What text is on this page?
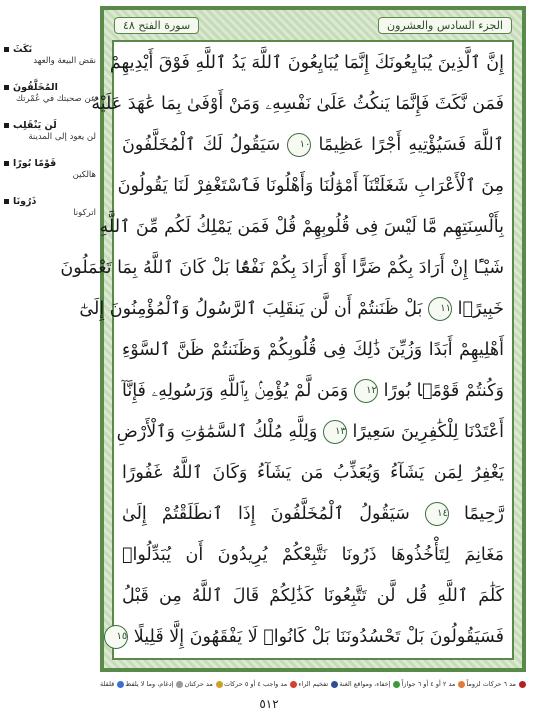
نَكَثَ
نقض البيعة والعهد
المُخَلَّفُونَ
عن صحبتك في عُمْرتك
لَن يَنْقَلِب
لن يعود إلى المدينة
قَوْمًا بُورًا
هالكين
ذَرُونَا
اتركونا
سورة الفتح ٤٨	الجزء السادس والعشرون
إِنَّ ٱلَّذِينَ يُبَايِعُونَكَ إِنَّمَا يُبَايِعُونَ ٱللَّهَ يَدُ ٱللَّهِ فَوْقَ أَيْدِيهِمْ
فَمَن نَّكَثَ فَإِنَّمَا يَنكُثُ عَلَىٰ نَفْسِهِۦ وَمَنْ أَوْفَىٰ بِمَا عَٰهَدَ عَلَيْهُ
ٱللَّهَ فَسَيُؤْتِيهِ أَجْرًا عَظِيمًا ١٠ سَيَقُولُ لَكَ ٱلْمُخَلَّفُونَ
مِنَ ٱلْأَعْرَابِ شَغَلَتْنَآ أَمْوَٰلُنَا وَأَهْلُونَا فَٱسْتَغْفِرْ لَنَا يَقُولُونَ
بِأَلْسِنَتِهِم مَّا لَيْسَ فِى قُلُوبِهِمْ قُلْ فَمَن يَمْلِكُ لَكُم مِّنَ ٱللَّهِ
شَيْـًٔا إِنْ أَرَادَ بِكُمْ ضَرًّا أَوْ أَرَادَ بِكُمْ نَفْعًۢا بَلْ كَانَ ٱللَّهُ بِمَا تَعْمَلُونَ
خَبِيرًۢا ١١ بَلْ ظَنَنتُمْ أَن لَّن يَنقَلِبَ ٱلرَّسُولُ وَٱلْمُؤْمِنُونَ إِلَىٰٓ
أَهْلِيهِمْ أَبَدًا وَزُيِّنَ ذَٰلِكَ فِى قُلُوبِكُمْ وَظَنَنتُمْ ظَنَّ ٱلسَّوْءِ
وَكُنتُمْ قَوْمًۢا بُورًا ١٢ وَمَن لَّمْ يُؤْمِنۢ بِٱللَّهِ وَرَسُولِهِۦ فَإِنَّآ
أَعْتَدْنَا لِلْكَٰفِرِينَ سَعِيرًا ١٣ وَلِلَّهِ مُلْكُ ٱلسَّمَٰوَٰتِ وَٱلْأَرْضِ
يَغْفِرُ لِمَن يَشَآءُ وَيُعَذِّبُ مَن يَشَآءُ وَكَانَ ٱللَّهُ غَفُورًا
رَّحِيمًا ١٤ سَيَقُولُ ٱلْمُخَلَّفُونَ إِذَا ٱنطَلَقْتُمْ إِلَىٰ
مَغَانِمَ لِتَأْخُذُوهَا ذَرُونَا نَتَّبِعْكُمْ يُرِيدُونَ أَن يُبَدِّلُوا۟
كَلَٰمَ ٱللَّهِ قُل لَّن تَتَّبِعُونَا كَذَٰلِكُمْ قَالَ ٱللَّهُ مِن قَبْلُ
فَسَيَقُولُونَ بَلْ تَحْسُدُونَنَا بَلْ كَانُوا۟ لَا يَفْقَهُونَ إِلَّا قَلِيلًا ١٥
مد ٦ حركات لزوماً
مد ٢ أو ٤ أو ٦ جوازاً
إخفاء، ومواقع الغنة
تفخيم الراء
مد واجب ٤ أو ٥ حركات
مد حركتان
إدغام، وما لا يلفظ
قلقلة
٥١٢
